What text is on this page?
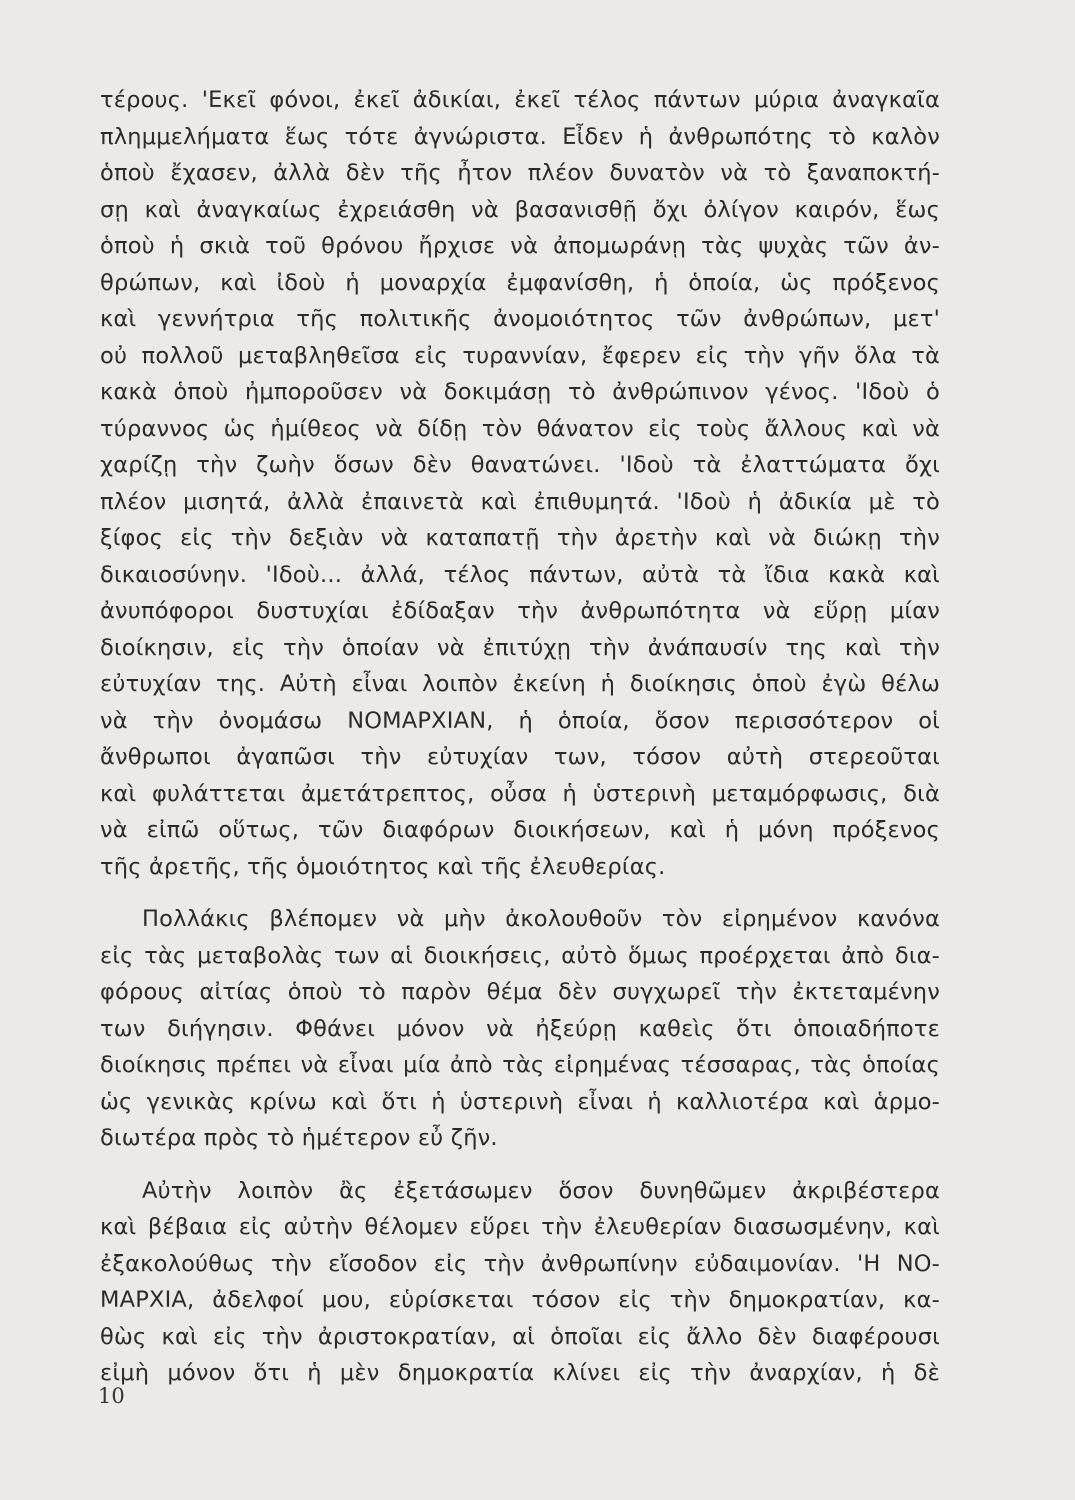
τέρους. 'Εκεῖ φόνοι, ἐκεῖ ἀδικίαι, ἐκεῖ τέλος πάντων μύρια ἀναγκαῖα
πλημμελήματα ἕως τότε ἀγνώριστα. Εἶδεν ἡ ἀνθρωπότης τὸ καλὸν
ὁποὺ ἔχασεν, ἀλλὰ δὲν τῆς ἦτον πλέον δυνατὸν νὰ τὸ ξαναποκτή-
σῃ καὶ ἀναγκαίως ἐχρειάσθη νὰ βασανισθῇ ὄχι ὀλίγον καιρόν, ἕως
ὁποὺ ἡ σκιὰ τοῦ θρόνου ἤρχισε νὰ ἀπομωράνῃ τὰς ψυχὰς τῶν ἀν-
θρώπων, καὶ ἰδοὺ ἡ μοναρχία ἐμφανίσθη, ἡ ὁποία, ὡς πρόξενος
καὶ γεννήτρια τῆς πολιτικῆς ἀνομοιότητος τῶν ἀνθρώπων, μετ'
οὐ πολλοῦ μεταβληθεῖσα εἰς τυραννίαν, ἔφερεν εἰς τὴν γῆν ὅλα τὰ
κακὰ ὁποὺ ἠμποροῦσεν νὰ δοκιμάσῃ τὸ ἀνθρώπινον γένος. 'Ιδοὺ ὁ
τύραννος ὡς ἡμίθεος νὰ δίδῃ τὸν θάνατον εἰς τοὺς ἄλλους καὶ νὰ
χαρίζῃ τὴν ζωὴν ὅσων δὲν θανατώνει. 'Ιδοὺ τὰ ἐλαττώματα ὄχι
πλέον μισητά, ἀλλὰ ἐπαινετὰ καὶ ἐπιθυμητά. 'Ιδοὺ ἡ ἀδικία μὲ τὸ
ξίφος εἰς τὴν δεξιὰν νὰ καταπατῇ τὴν ἀρετὴν καὶ νὰ διώκῃ τὴν
δικαιοσύνην. 'Ιδοὺ... ἀλλά, τέλος πάντων, αὐτὰ τὰ ἴδια κακὰ καὶ
ἀνυπόφοροι δυστυχίαι ἐδίδαξαν τὴν ἀνθρωπότητα νὰ εὕρῃ μίαν
διοίκησιν, εἰς τὴν ὁποίαν νὰ ἐπιτύχῃ τὴν ἀνάπαυσίν της καὶ τὴν
εὐτυχίαν της. Αὐτὴ εἶναι λοιπὸν ἐκείνη ἡ διοίκησις ὁποὺ ἐγὼ θέλω
νὰ τὴν ὀνομάσω ΝΟΜΑΡΧΙΑΝ, ἡ ὁποία, ὅσον περισσότερον οἱ
ἄνθρωποι ἀγαπῶσι τὴν εὐτυχίαν των, τόσον αὐτὴ στερεοῦται
καὶ φυλάττεται ἀμετάτρεπτος, οὖσα ἡ ὑστερινὴ μεταμόρφωσις, διὰ
νὰ εἰπῶ οὕτως, τῶν διαφόρων διοικήσεων, καὶ ἡ μόνη πρόξενος
τῆς ἀρετῆς, τῆς ὁμοιότητος καὶ τῆς ἐλευθερίας.
Πολλάκις βλέπομεν νὰ μὴν ἀκολουθοῦν τὸν εἰρημένον κανόνα
εἰς τὰς μεταβολὰς των αἱ διοικήσεις, αὐτὸ ὅμως προέρχεται ἀπὸ δια-
φόρους αἰτίας ὁποὺ τὸ παρὸν θέμα δὲν συγχωρεῖ τὴν ἐκτεταμένην
των διήγησιν. Φθάνει μόνον νὰ ἠξεύρῃ καθεὶς ὅτι ὁποιαδήποτε
διοίκησις πρέπει νὰ εἶναι μία ἀπὸ τὰς εἰρημένας τέσσαρας, τὰς ὁποίας
ὡς γενικὰς κρίνω καὶ ὅτι ἡ ὑστερινὴ εἶναι ἡ καλλιοτέρα καὶ ἁρμο-
διωτέρα πρὸς τὸ ἡμέτερον εὖ ζῆν.
Αὐτὴν λοιπὸν ἂς ἐξετάσωμεν ὅσον δυνηθῶμεν ἀκριβέστερα
καὶ βέβαια εἰς αὐτὴν θέλομεν εὕρει τὴν ἐλευθερίαν διασωσμένην, καὶ
ἐξακολούθως τὴν εἴσοδον εἰς τὴν ἀνθρωπίνην εὐδαιμονίαν. 'Η ΝΟ-
ΜΑΡΧΙΑ, ἀδελφοί μου, εὑρίσκεται τόσον εἰς τὴν δημοκρατίαν, κα-
θὼς καὶ εἰς τὴν ἀριστοκρατίαν, αἱ ὁποῖαι εἰς ἄλλο δὲν διαφέρουσι
εἰμὴ μόνον ὅτι ἡ μὲν δημοκρατία κλίνει εἰς τὴν ἀναρχίαν, ἡ δὲ
10
